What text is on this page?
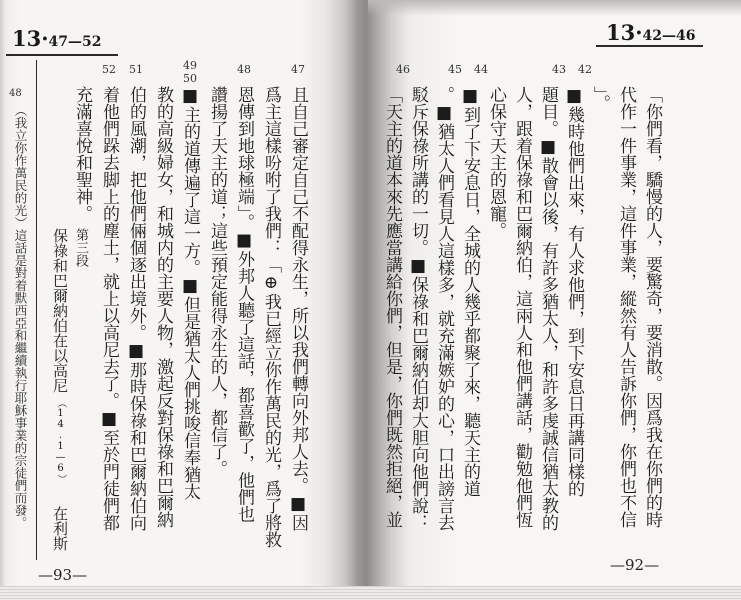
13·47—52
48
（我立你作萬民的光）這話是對着默西亞和繼續執行耶穌事業的宗徒們而發。
47
48
49
50
51
52
且自己審定自己不配得永生，所以我們轉向外邦人去。■因
爲主這樣吩咐了我們：「⊕我已經立你作萬民的光，爲了將救
恩傳到地球極端」。■外邦人聽了這話，都喜歡了，他們也
讚揚了天主的道；這些預定能得永生的人，都信了。
■主的道傳遍了這一方。■但是猶太人們挑唆信奉猶太
教的高級婦女，和城内的主要人物，激起反對保祿和巴爾納
伯的風潮，把他們倆個逐出境外。■那時保祿和巴爾納伯向
着他們跺去脚上的塵土，就上以高尼去了。■至於門徒們都
充滿喜悅和聖神。
第三段
保祿和巴爾納伯在以高尼
（14.1—6）
在利斯
—93—
13·42—46
42
43
44
45
46
「你們看，驕慢的人，要驚奇，要消散。因爲我在你們的時
代作一件事業，這件事業，縱然有人告訴你們，你們也不信
」。
■幾時他們出來，有人求他們，到下安息日再講同樣的
題目。■散會以後，有許多猶太人，和許多虔誠信猶太教的
人，跟着保祿和巴爾納伯，這兩人和他們講話，勸勉他們恆
心保守天主的恩寵。
■到了下安息日，全城的人幾乎都聚了來，聽天主的道
。■猶太人們看見人這樣多，就充滿嫉妒的心，口出謗言去
駁斥保祿所講的一切。■保祿和巴爾納伯却大胆向他們說：
「天主的道本來先應當講給你們，但是，你們既然拒絕，並
—92—
